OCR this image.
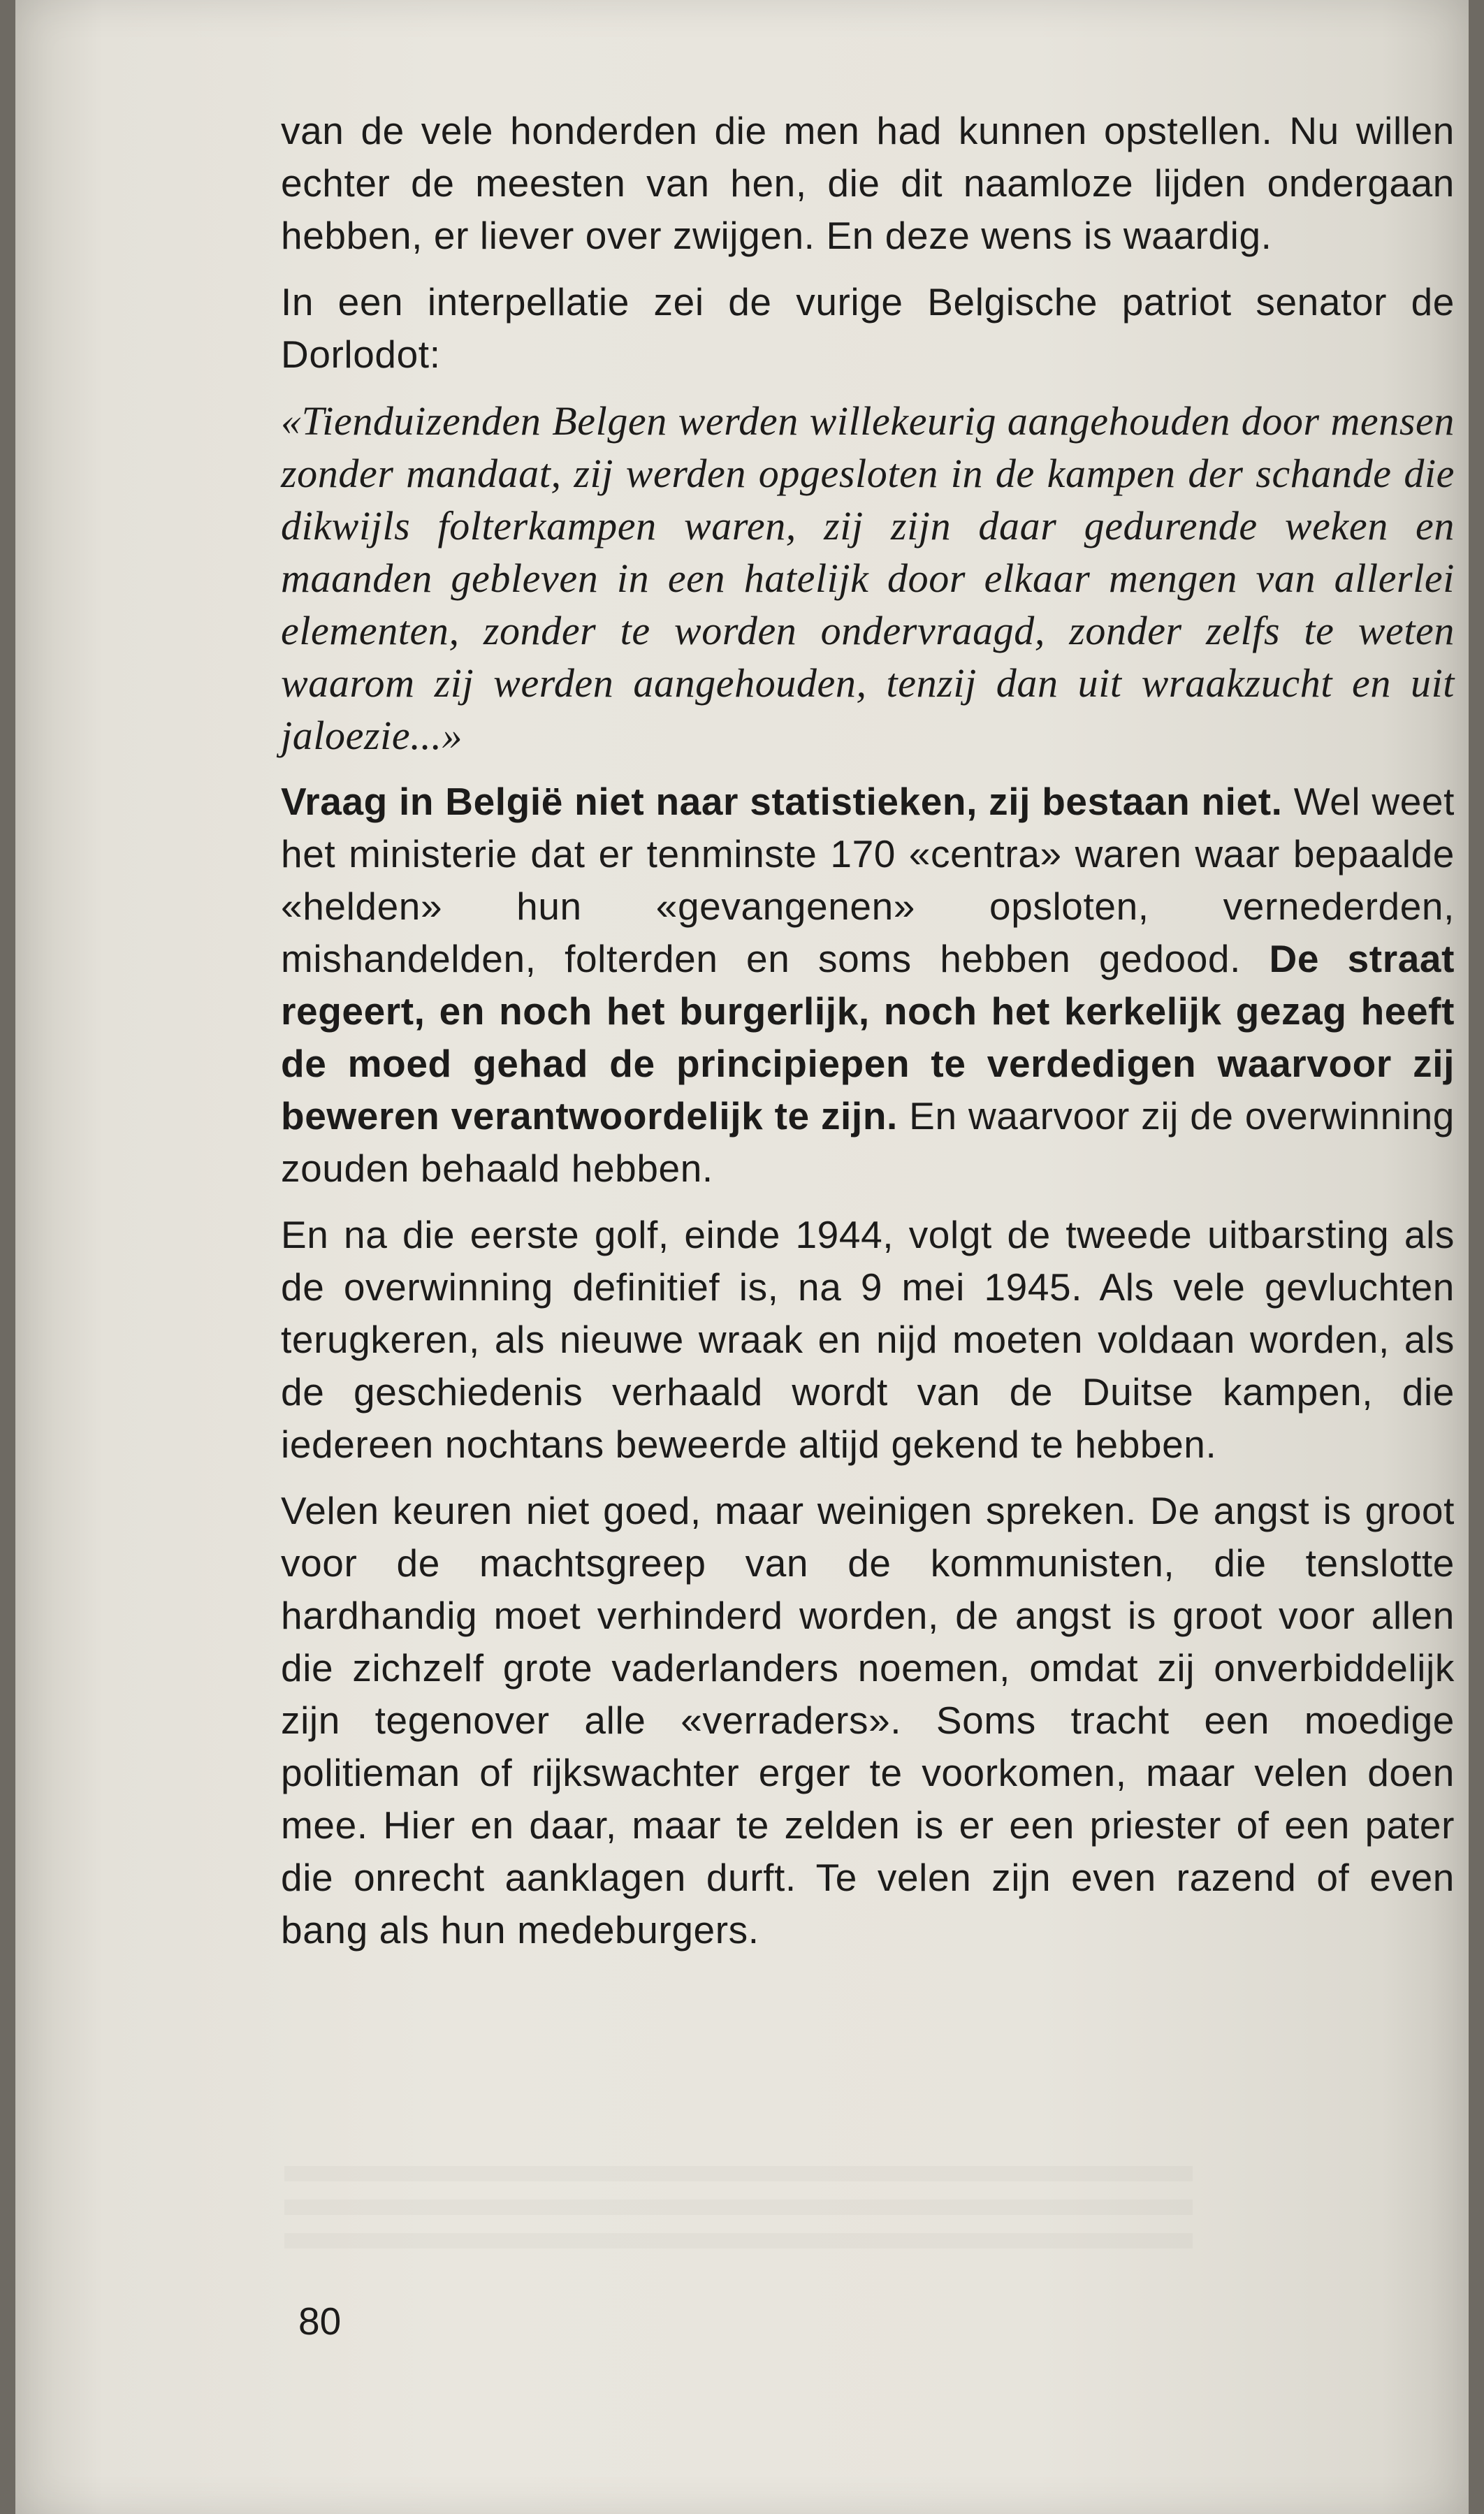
van de vele honderden die men had kunnen opstellen. Nu willen echter de meesten van hen, die dit naamloze lijden ondergaan hebben, er liever over zwijgen. En deze wens is waardig.

In een interpellatie zei de vurige Belgische patriot senator de Dorlodot:

«Tienduizenden Belgen werden willekeurig aangehouden door mensen zonder mandaat, zij werden opgesloten in de kampen der schande die dikwijls folterkampen waren, zij zijn daar gedurende weken en maanden gebleven in een hatelijk door elkaar mengen van allerlei elementen, zonder te worden ondervraagd, zonder zelfs te weten waarom zij werden aangehouden, tenzij dan uit wraakzucht en uit jaloezie...»

Vraag in België niet naar statistieken, zij bestaan niet. Wel weet het ministerie dat er tenminste 170 «centra» waren waar bepaalde «helden» hun «gevangenen» opsloten, vernederden, mishandelden, folterden en soms hebben gedood. De straat regeert, en noch het burgerlijk, noch het kerkelijk gezag heeft de moed gehad de principiepen te verdedigen waarvoor zij beweren verantwoordelijk te zijn. En waarvoor zij de overwinning zouden behaald hebben.

En na die eerste golf, einde 1944, volgt de tweede uitbarsting als de overwinning definitief is, na 9 mei 1945. Als vele gevluchten terugkeren, als nieuwe wraak en nijd moeten voldaan worden, als de geschiedenis verhaald wordt van de Duitse kampen, die iedereen nochtans beweerde altijd gekend te hebben.

Velen keuren niet goed, maar weinigen spreken. De angst is groot voor de machtsgreep van de kommunisten, die tenslotte hardhandig moet verhinderd worden, de angst is groot voor allen die zichzelf grote vaderlanders noemen, omdat zij onverbiddelijk zijn tegenover alle «verraders». Soms tracht een moedige politieman of rijkswachter erger te voorkomen, maar velen doen mee. Hier en daar, maar te zelden is er een priester of een pater die onrecht aanklagen durft. Te velen zijn even razend of even bang als hun medeburgers.

80
